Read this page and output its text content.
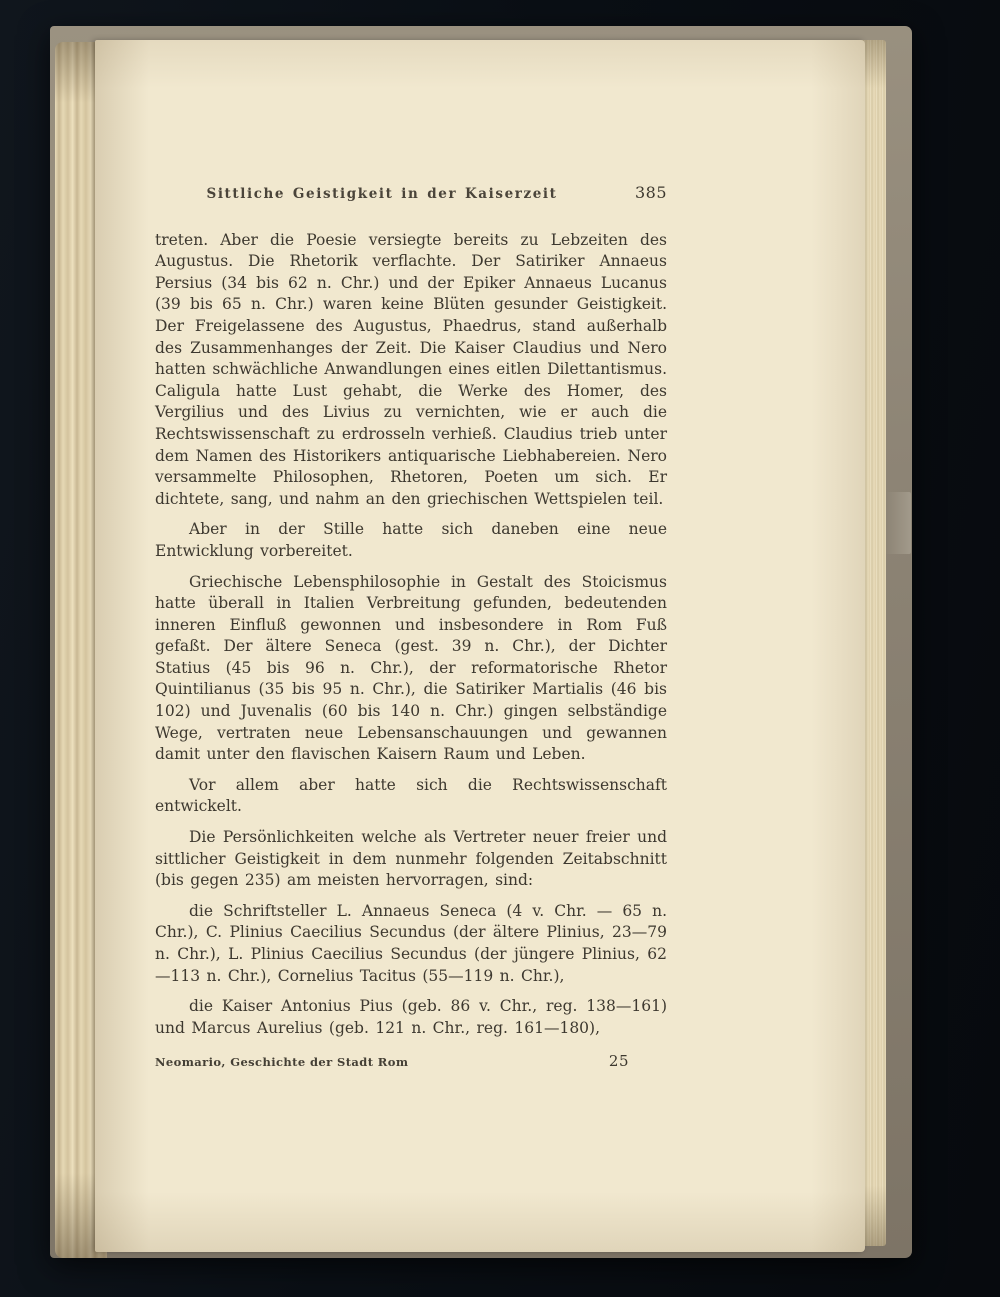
Sittliche Geistigkeit in der Kaiserzeit	385

treten. Aber die Poesie versiegte bereits zu Lebzeiten des Augustus. Die Rhetorik verflachte. Der Satiriker Annaeus Persius (34 bis 62 n. Chr.) und der Epiker Annaeus Lucanus (39 bis 65 n. Chr.) waren keine Blüten gesunder Geistigkeit. Der Freigelassene des Augustus, Phaedrus, stand außerhalb des Zusammenhanges der Zeit. Die Kaiser Claudius und Nero hatten schwächliche Anwandlungen eines eitlen Dilettantismus. Caligula hatte Lust gehabt, die Werke des Homer, des Vergilius und des Livius zu vernichten, wie er auch die Rechtswissenschaft zu erdrosseln verhieß. Claudius trieb unter dem Namen des Historikers antiquarische Liebhabereien. Nero versammelte Philosophen, Rhetoren, Poeten um sich. Er dichtete, sang, und nahm an den griechischen Wettspielen teil.

Aber in der Stille hatte sich daneben eine neue Entwicklung vorbereitet.

Griechische Lebensphilosophie in Gestalt des Stoicismus hatte überall in Italien Verbreitung gefunden, bedeutenden inneren Einfluß gewonnen und insbesondere in Rom Fuß gefaßt. Der ältere Seneca (gest. 39 n. Chr.), der Dichter Statius (45 bis 96 n. Chr.), der reformatorische Rhetor Quintilianus (35 bis 95 n. Chr.), die Satiriker Martialis (46 bis 102) und Juvenalis (60 bis 140 n. Chr.) gingen selbständige Wege, vertraten neue Lebensanschauungen und gewannen damit unter den flavischen Kaisern Raum und Leben.

Vor allem aber hatte sich die Rechtswissenschaft entwickelt.

Die Persönlichkeiten welche als Vertreter neuer freier und sittlicher Geistigkeit in dem nunmehr folgenden Zeitabschnitt (bis gegen 235) am meisten hervorragen, sind:

die Schriftsteller L. Annaeus Seneca (4 v. Chr. — 65 n. Chr.), C. Plinius Caecilius Secundus (der ältere Plinius, 23—79 n. Chr.), L. Plinius Caecilius Secundus (der jüngere Plinius, 62—113 n. Chr.), Cornelius Tacitus (55—119 n. Chr.),

die Kaiser Antonius Pius (geb. 86 v. Chr., reg. 138—161) und Marcus Aurelius (geb. 121 n. Chr., reg. 161—180),

Neomario, Geschichte der Stadt Rom	25
